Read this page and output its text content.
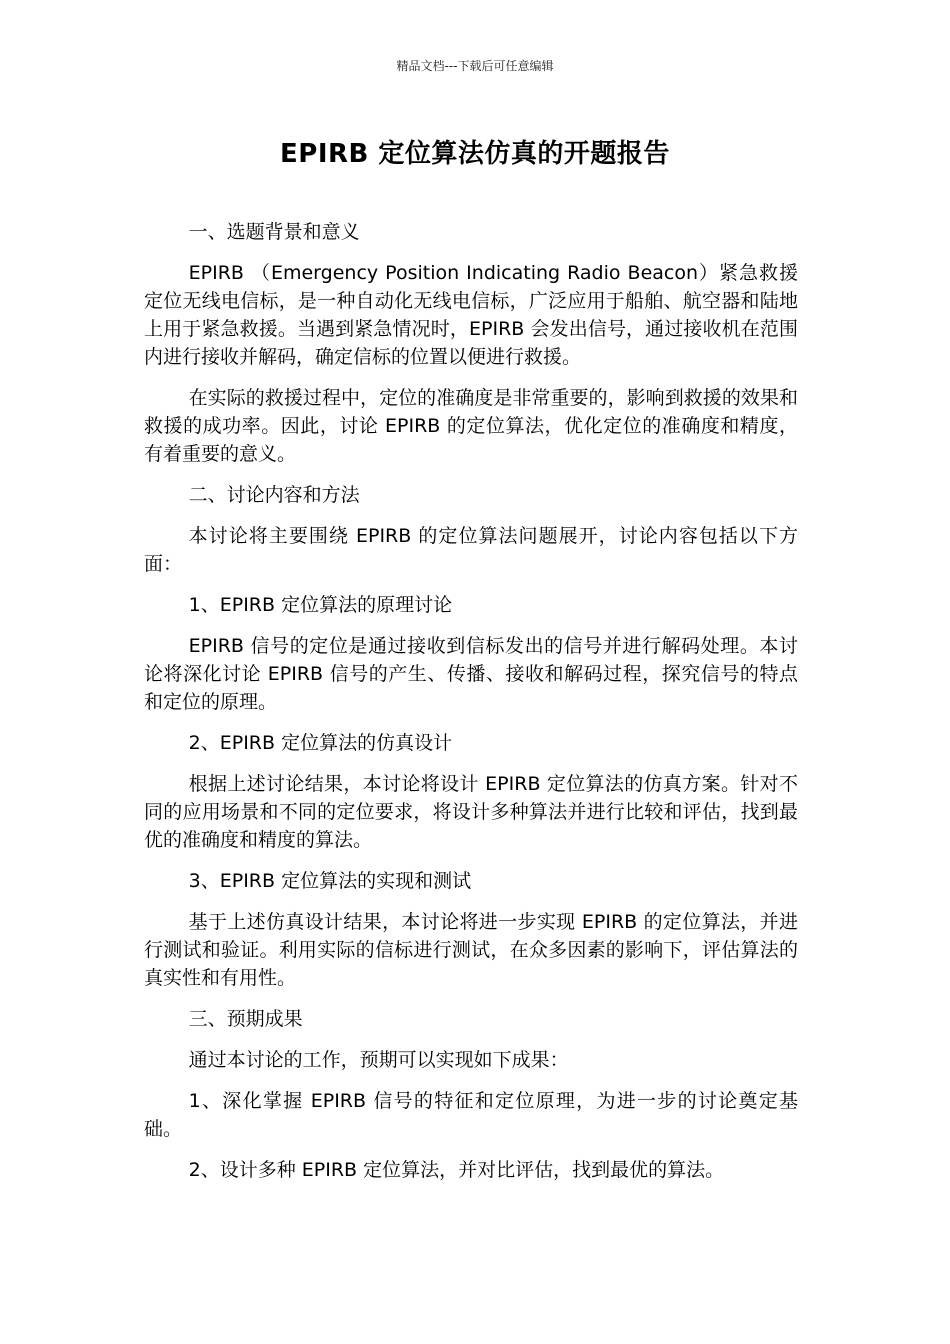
精品文档---下载后可任意编辑
EPIRB 定位算法仿真的开题报告

一、选题背景和意义

EPIRB （Emergency Position Indicating Radio Beacon）紧急救援定位无线电信标，是一种自动化无线电信标，广泛应用于船舶、航空器和陆地上用于紧急救援。当遇到紧急情况时，EPIRB 会发出信号，通过接收机在范围内进行接收并解码，确定信标的位置以便进行救援。

在实际的救援过程中，定位的准确度是非常重要的，影响到救援的效果和救援的成功率。因此，讨论 EPIRB 的定位算法，优化定位的准确度和精度，有着重要的意义。

二、讨论内容和方法

本讨论将主要围绕 EPIRB 的定位算法问题展开，讨论内容包括以下方面：

1、EPIRB 定位算法的原理讨论

EPIRB 信号的定位是通过接收到信标发出的信号并进行解码处理。本讨论将深化讨论 EPIRB 信号的产生、传播、接收和解码过程，探究信号的特点和定位的原理。

2、EPIRB 定位算法的仿真设计

根据上述讨论结果，本讨论将设计 EPIRB 定位算法的仿真方案。针对不同的应用场景和不同的定位要求，将设计多种算法并进行比较和评估，找到最优的准确度和精度的算法。

3、EPIRB 定位算法的实现和测试

基于上述仿真设计结果，本讨论将进一步实现 EPIRB 的定位算法，并进行测试和验证。利用实际的信标进行测试，在众多因素的影响下，评估算法的真实性和有用性。

三、预期成果

通过本讨论的工作，预期可以实现如下成果：

1、深化掌握 EPIRB 信号的特征和定位原理，为进一步的讨论奠定基础。

2、设计多种 EPIRB 定位算法，并对比评估，找到最优的算法。
